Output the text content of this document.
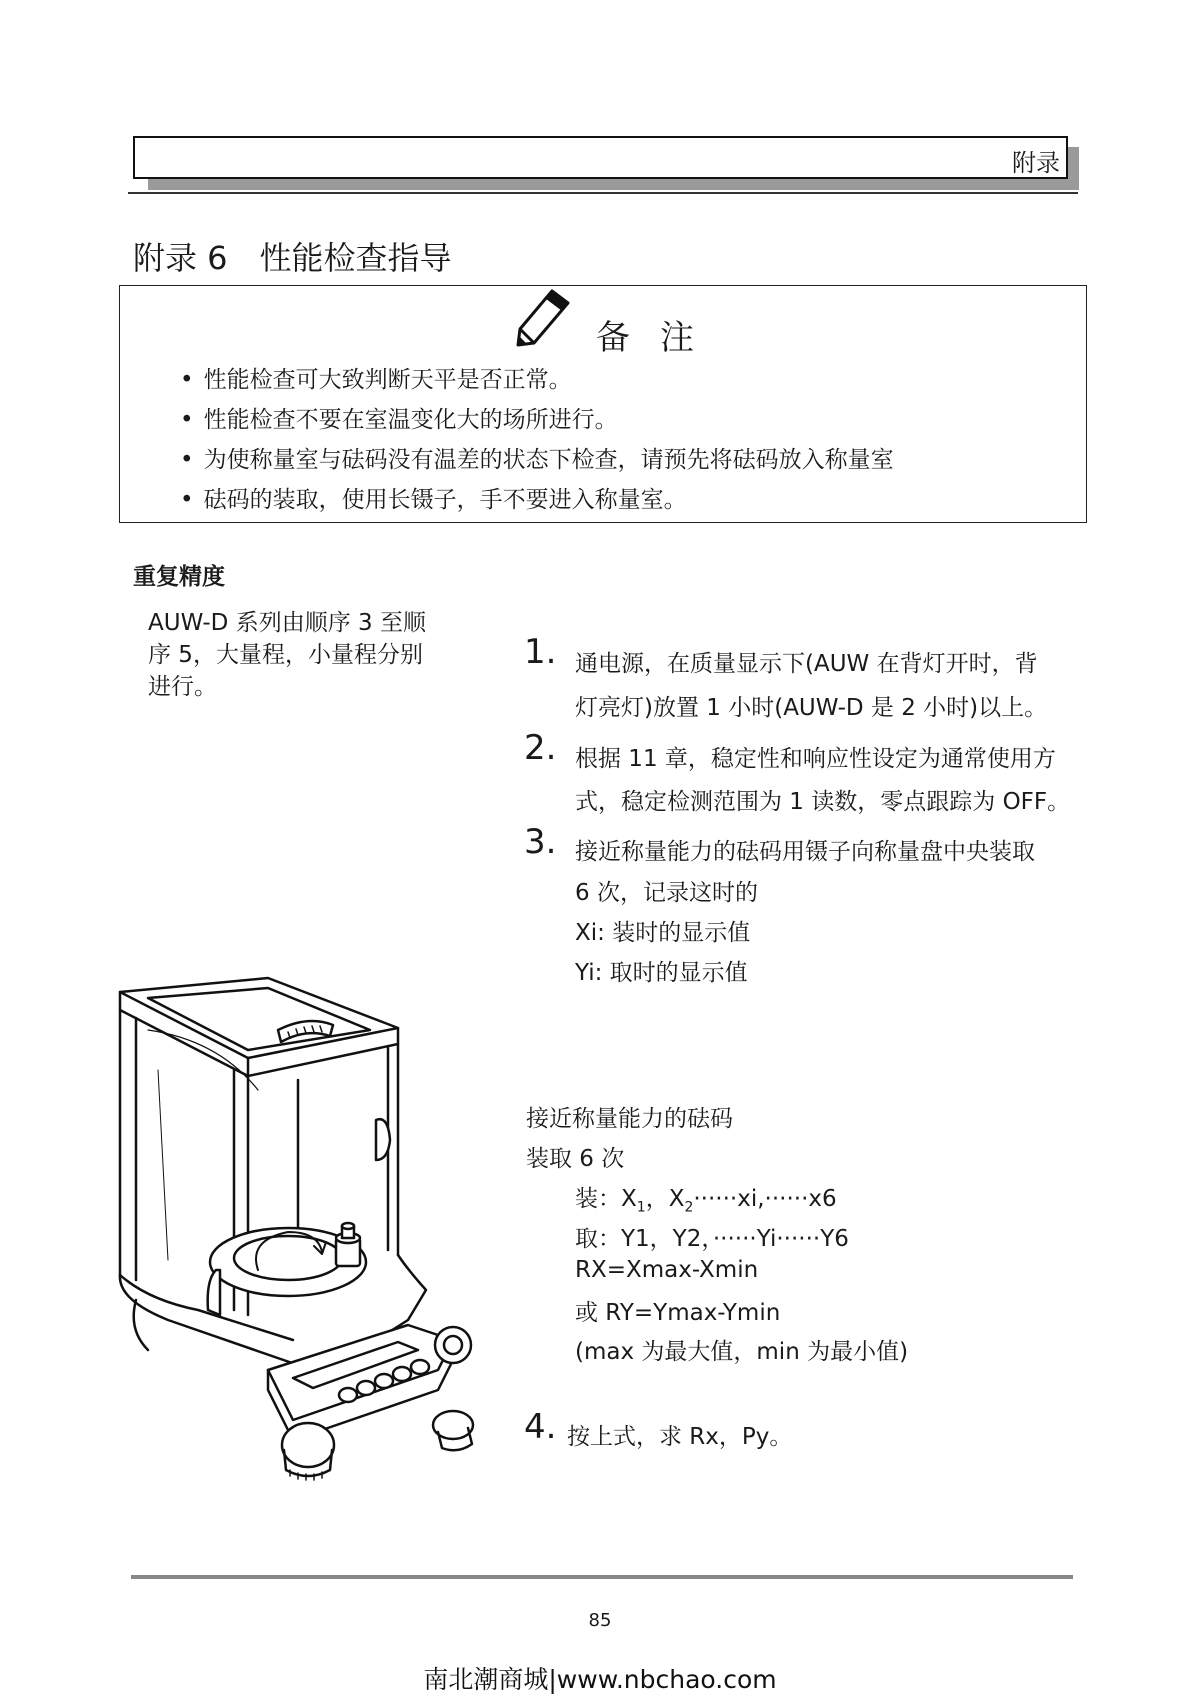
附录
附录 6　性能检查指导
备注
• 性能检查可大致判断天平是否正常。
• 性能检查不要在室温变化大的场所进行。
• 为使称量室与砝码没有温差的状态下检查，请预先将砝码放入称量室
• 砝码的装取，使用长镊子，手不要进入称量室。
重复精度
AUW-D 系列由顺序 3 至顺序 5，大量程，小量程分别进行。
1. 通电源，在质量显示下(AUW 在背灯开时，背
灯亮灯)放置 1 小时(AUW-D 是 2 小时)以上。
2. 根据 11 章，稳定性和响应性设定为通常使用方
式，稳定检测范围为 1 读数，零点跟踪为 OFF。
3. 接近称量能力的砝码用镊子向称量盘中央装取
6 次，记录这时的
Xi: 装时的显示值
Yi: 取时的显示值
接近称量能力的砝码
装取 6 次
装：$X_1$，$X_2\cdot\cdot\cdot\cdot\cdot\cdot xi,\cdot\cdot\cdot\cdot\cdot\cdot x6$
取：Y1，Y2，······Yi······Y6
RX=Xmax-Xmin
或 RY=Ymax-Ymin
(max 为最大值，min 为最小值)
4. 按上式，求 Rx，Py。
85
南北潮商城|www.nbchao.com
